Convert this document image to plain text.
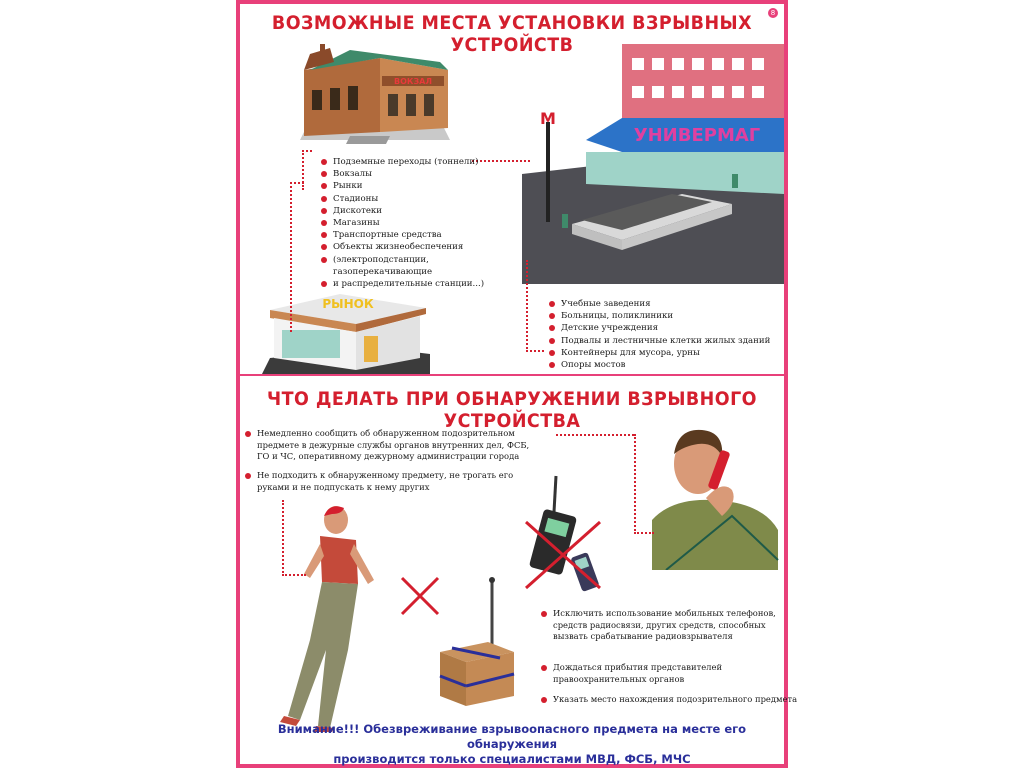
ВОЗМОЖНЫЕ МЕСТА УСТАНОВКИ ВЗРЫВНЫХ УСТРОЙСТВ
8
ВОКЗАЛ
УНИВЕРМАГ
М
РЫНОК
Подземные переходы (тоннели)
Вокзалы
Рынки
Стадионы
Дискотеки
Магазины
Транспортные средства
Объекты жизнеобеспечения
(электроподстанции, газоперекачивающие
и распределительные станции...)
Учебные заведения
Больницы, поликлиники
Детские учреждения
Подвалы и лестничные клетки жилых зданий
Контейнеры для мусора, урны
Опоры мостов
ЧТО ДЕЛАТЬ ПРИ ОБНАРУЖЕНИИ ВЗРЫВНОГО УСТРОЙСТВА
Немедленно сообщить об обнаруженном подозрительном предмете в дежурные службы органов внутренних дел, ФСБ, ГО и ЧС, оперативному дежурному администрации города
Не подходить к обнаруженному предмету, не трогать его руками и не подпускать к нему других
Исключить использование мобильных телефонов, средств радиосвязи, других средств, способных вызвать срабатывание радиовзрывателя
Дождаться прибытия представителей правоохранительных органов
Указать место нахождения подозрительного предмета
Внимание!!! Обезвреживание взрывоопасного предмета на месте его обнаружения
производится только специалистами МВД, ФСБ, МЧС
